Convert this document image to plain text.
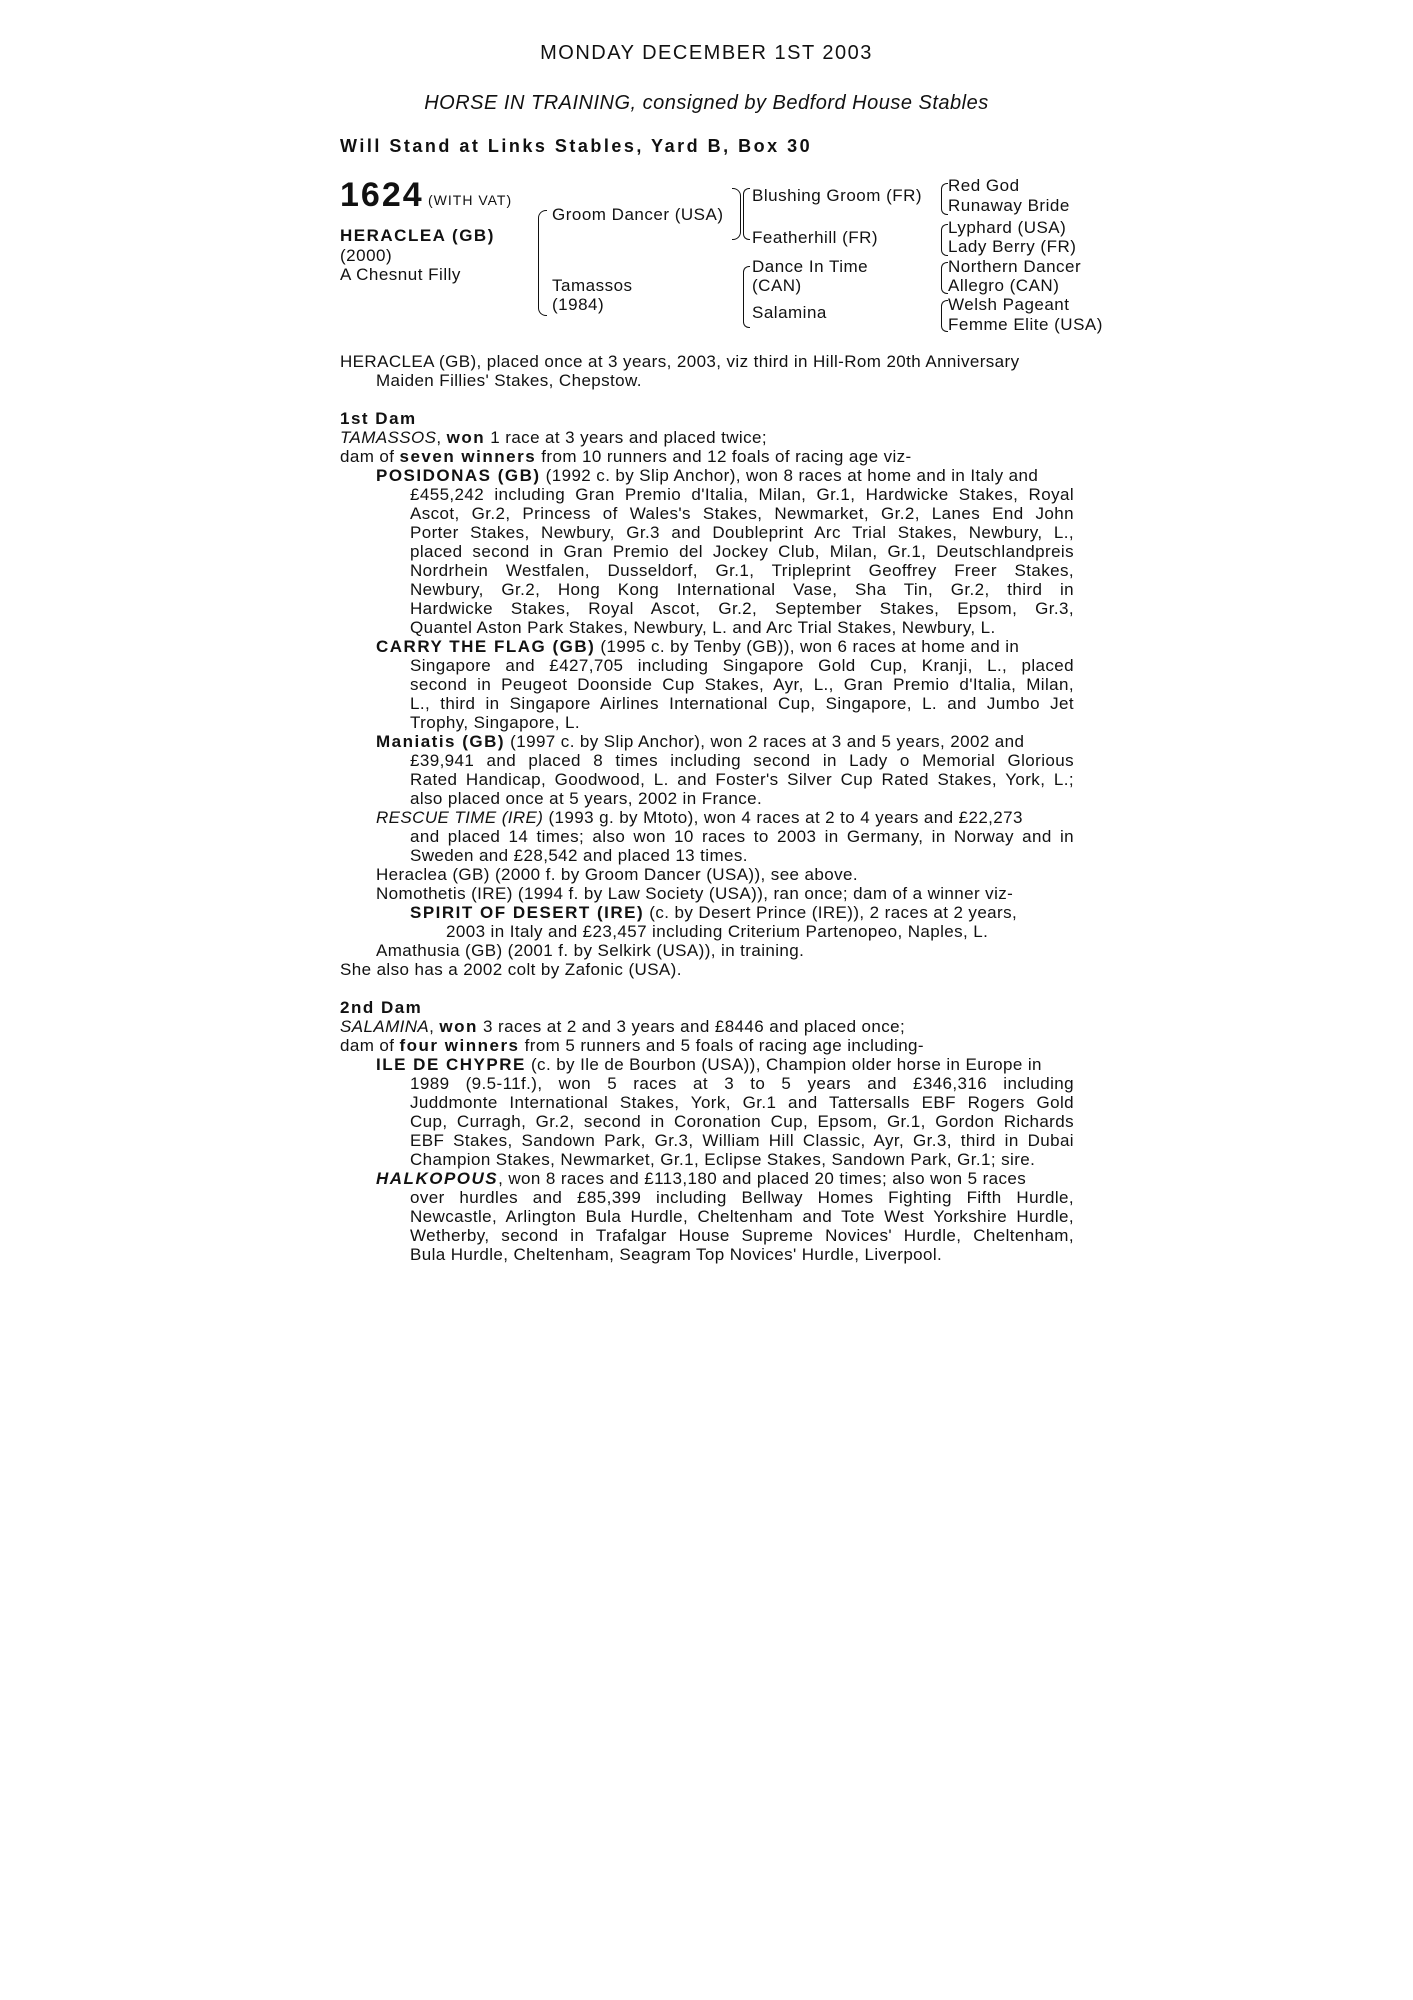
MONDAY DECEMBER 1ST 2003
HORSE IN TRAINING, consigned by Bedford House Stables
Will Stand at Links Stables, Yard B, Box 30
1624 (WITH VAT)
HERACLEA (GB)
(2000)
A Chesnut Filly
Groom Dancer (USA)
Tamassos
(1984)
Blushing Groom (FR)
Featherhill (FR)
Dance In Time
(CAN)
Salamina
Red God
Runaway Bride
Lyphard (USA)
Lady Berry (FR)
Northern Dancer
Allegro (CAN)
Welsh Pageant
Femme Elite (USA)
HERACLEA (GB), placed once at 3 years, 2003, viz third in Hill-Rom 20th Anniversary
Maiden Fillies' Stakes, Chepstow.
1st Dam
TAMASSOS, won 1 race at 3 years and placed twice;
dam of seven winners from 10 runners and 12 foals of racing age viz-
POSIDONAS (GB) (1992 c. by Slip Anchor), won 8 races at home and in Italy and
£455,242 including Gran Premio d'Italia, Milan, Gr.1, Hardwicke Stakes, Royal
Ascot, Gr.2, Princess of Wales's Stakes, Newmarket, Gr.2, Lanes End John
Porter Stakes, Newbury, Gr.3 and Doubleprint Arc Trial Stakes, Newbury, L.,
placed second in Gran Premio del Jockey Club, Milan, Gr.1, Deutschlandpreis
Nordrhein Westfalen, Dusseldorf, Gr.1, Tripleprint Geoffrey Freer Stakes,
Newbury, Gr.2, Hong Kong International Vase, Sha Tin, Gr.2, third in
Hardwicke Stakes, Royal Ascot, Gr.2, September Stakes, Epsom, Gr.3,
Quantel Aston Park Stakes, Newbury, L. and Arc Trial Stakes, Newbury, L.
CARRY THE FLAG (GB) (1995 c. by Tenby (GB)), won 6 races at home and in
Singapore and £427,705 including Singapore Gold Cup, Kranji, L., placed
second in Peugeot Doonside Cup Stakes, Ayr, L., Gran Premio d'Italia, Milan,
L., third in Singapore Airlines International Cup, Singapore, L. and Jumbo Jet
Trophy, Singapore, L.
Maniatis (GB) (1997 c. by Slip Anchor), won 2 races at 3 and 5 years, 2002 and
£39,941 and placed 8 times including second in Lady o Memorial Glorious
Rated Handicap, Goodwood, L. and Foster's Silver Cup Rated Stakes, York, L.;
also placed once at 5 years, 2002 in France.
RESCUE TIME (IRE) (1993 g. by Mtoto), won 4 races at 2 to 4 years and £22,273
and placed 14 times; also won 10 races to 2003 in Germany, in Norway and in
Sweden and £28,542 and placed 13 times.
Heraclea (GB) (2000 f. by Groom Dancer (USA)), see above.
Nomothetis (IRE) (1994 f. by Law Society (USA)), ran once; dam of a winner viz-
SPIRIT OF DESERT (IRE) (c. by Desert Prince (IRE)), 2 races at 2 years,
2003 in Italy and £23,457 including Criterium Partenopeo, Naples, L.
Amathusia (GB) (2001 f. by Selkirk (USA)), in training.
She also has a 2002 colt by Zafonic (USA).
2nd Dam
SALAMINA, won 3 races at 2 and 3 years and £8446 and placed once;
dam of four winners from 5 runners and 5 foals of racing age including-
ILE DE CHYPRE (c. by Ile de Bourbon (USA)), Champion older horse in Europe in
1989 (9.5-11f.), won 5 races at 3 to 5 years and £346,316 including
Juddmonte International Stakes, York, Gr.1 and Tattersalls EBF Rogers Gold
Cup, Curragh, Gr.2, second in Coronation Cup, Epsom, Gr.1, Gordon Richards
EBF Stakes, Sandown Park, Gr.3, William Hill Classic, Ayr, Gr.3, third in Dubai
Champion Stakes, Newmarket, Gr.1, Eclipse Stakes, Sandown Park, Gr.1; sire.
HALKOPOUS, won 8 races and £113,180 and placed 20 times; also won 5 races
over hurdles and £85,399 including Bellway Homes Fighting Fifth Hurdle,
Newcastle, Arlington Bula Hurdle, Cheltenham and Tote West Yorkshire Hurdle,
Wetherby, second in Trafalgar House Supreme Novices' Hurdle, Cheltenham,
Bula Hurdle, Cheltenham, Seagram Top Novices' Hurdle, Liverpool.
